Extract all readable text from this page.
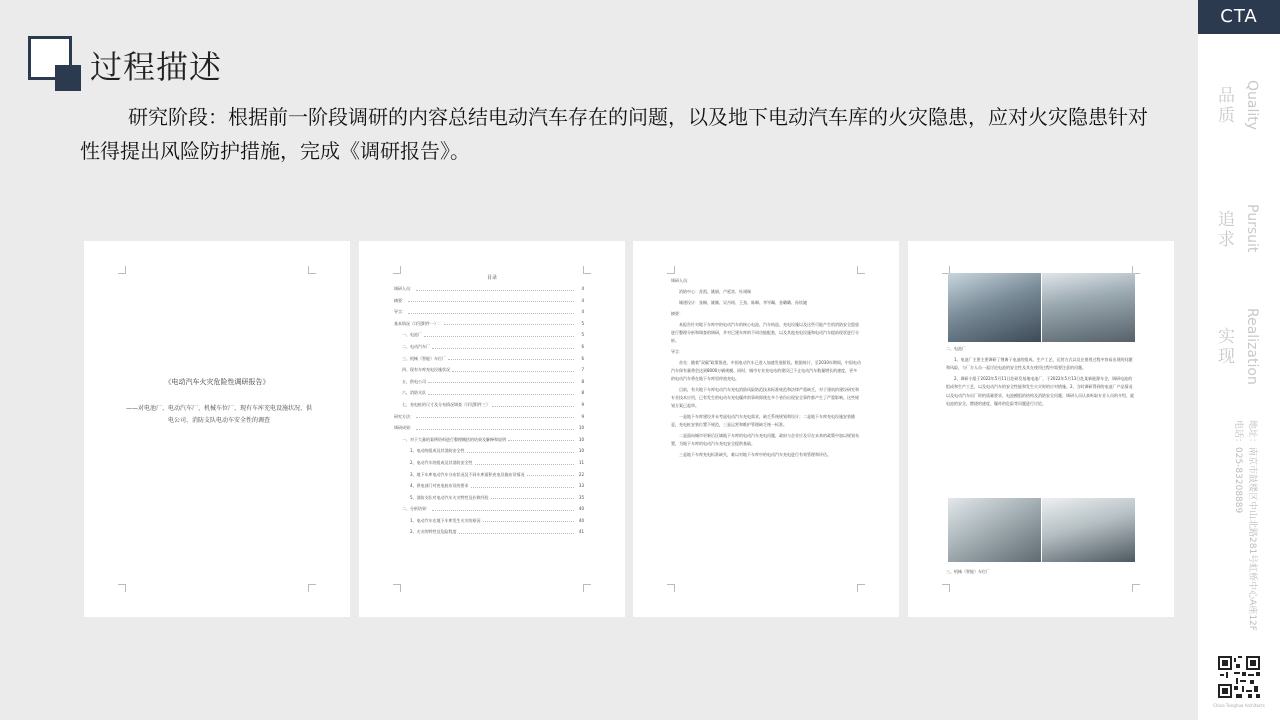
过程描述
研究阶段：根据前一阶段调研的内容总结电动汽车存在的问题，以及地下电动汽车库的火灾隐患，应对火灾隐患针对性得提出风险防护措施，完成《调研报告》。
《电动汽车火灾危险性调研报告》
——对电池厂、电动汽车厂、机械车位厂、现有车库充电设施状况、供电公司、消防支队电动车安全性的调查
目录
调研人员：	4
摘要：	4
导言：	4
基本情况（详见附件一）：	5
一、电池厂	5
二、电动汽车厂	6
三、机械（智能）车位厂	6
四、现有车库充电设施状况	7
五、供电公司	8
六、消防支队	8
七、充电桩的尺寸及分布情况调查（详见附件三）	9
研究方法：	9
调研成果：	10
一、对于大量的案例资料进行整理概括的结果及解释和说明	10
1、电动的组成及其消防安全性	10
2、电动汽车的组成及其消防安全性	11
3、地下车库电动汽车分布状况及不同车库面积充电设施布设情况	22
4、供电部门对充电桩布设的要求	33
5、消防支队对电动汽车火灾特性及扑救经验	35
二、分析结果：	40
1、电动汽车在地下车库发生火灾的原因	40
2、火灾的特性及危险程度	41

调研人员：

消防中心：苏凯、姚娟、卢延奕、杜翊瑞

城建设计：张桐、姚颖、吴丹瑶、王劲、陈琳、李岑珮、金璐璐、孙钦婕

摘要：

本报告针对地下车库中的电动汽车的核心电池、汽车构造、充电设施以及这些可能产生的消防安全隐患进行整理分析和调查的调研，并对已建车库的不同功能配套，以及其他充电设施和电动汽车提前现状进行分析。

导言：

首先：随着"双碳"政策推进，中国电动汽车已进入加速发展阶段。根据统计，至2030年期间，中国电动汽车保有量将会达到8000万辆规模。同时，城市专业充电站的建设已不止电动汽车数量增长的速度，更多的电动汽车将在地下车库里停放充电。

目前，有关地下车库电动汽车充电消防风险防范技术标准规范和法律严重缺乏，对于建筑的建设研究和专业技术应用，已有发生的电动车充电爆炸的事故即使在多个省份出现安全事件都产生了严重影响。这些规划方案已起草。

一是地下车库建设并未考虑电动汽车充电需求，缺乏系统规划和设计；二是地下车库充电设施安装随意，充电桩安装位置不规范，三是运营和维护管理缺乏统一标准。

二是面向城市更新后区域地下车库的电动汽车充电问题，政府与企业应及早在未来的政策中加以规划布置，为地下车库的电动汽车充电安全提供基础。

三是地下车库充电标准缺失，难以对地下车库中的电动汽车充电进行有效管理和评估。

二、电池厂

1、电池厂主要主要调研了锂离子电池的组成、生产工艺、运营方式以及在使用过程中容易出现的问题和风险，与厂方人员一起讨论电池的安全性及其在使用过程中需要注意的问题。

2、调研小组于2022年5月11日赴研发基地电池厂，于2022年5月13日赴某新能源车企，调研电池的组成和生产工艺，以及电动汽车的安全性能和发生火灾时的应对措施。2、当时调研得到的电池厂产品情况以及电动汽车出厂时的质量要求，电池模组的结构及消防安全问题，调研人员认真听取专业人员的介绍，就电池的安全、燃烧的速度、爆炸的危险等问题进行讨论。

三、机械（智能）车位厂
CTA
品质 Quality
追求 Pursuit
实现 Realization
地址：南京市鼓楼区中山北路281号虹桥中心A座12F
电话：025-83208889
China Tsinghua Architects
